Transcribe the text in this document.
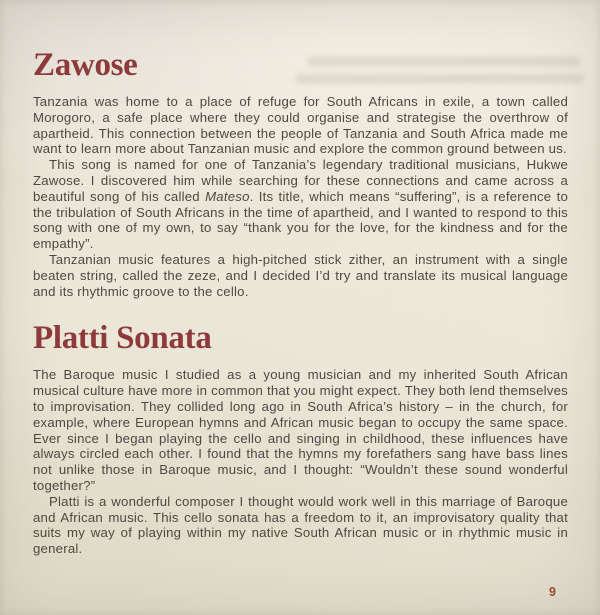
Zawose

Tanzania was home to a place of refuge for South Africans in exile, a town called Morogoro, a safe place where they could organise and strategise the overthrow of apartheid. This connection between the people of Tanzania and South Africa made me want to learn more about Tanzanian music and explore the common ground between us.

This song is named for one of Tanzania’s legendary traditional musicians, Hukwe Zawose. I discovered him while searching for these connections and came across a beautiful song of his called Mateso. Its title, which means “suffering”, is a reference to the tribulation of South Africans in the time of apartheid, and I wanted to respond to this song with one of my own, to say “thank you for the love, for the kindness and for the empathy”.

Tanzanian music features a high-pitched stick zither, an instrument with a single beaten string, called the zeze, and I decided I’d try and translate its musical language and its rhythmic groove to the cello.

Platti Sonata

The Baroque music I studied as a young musician and my inherited South African musical culture have more in common that you might expect. They both lend themselves to improvisation. They collided long ago in South Africa’s history – in the church, for example, where European hymns and African music began to occupy the same space. Ever since I began playing the cello and singing in childhood, these influences have always circled each other. I found that the hymns my forefathers sang have bass lines not unlike those in Baroque music, and I thought: “Wouldn’t these sound wonderful together?”

Platti is a wonderful composer I thought would work well in this marriage of Baroque and African music. This cello sonata has a freedom to it, an improvisatory quality that suits my way of playing within my native South African music or in rhythmic music in general.

9
